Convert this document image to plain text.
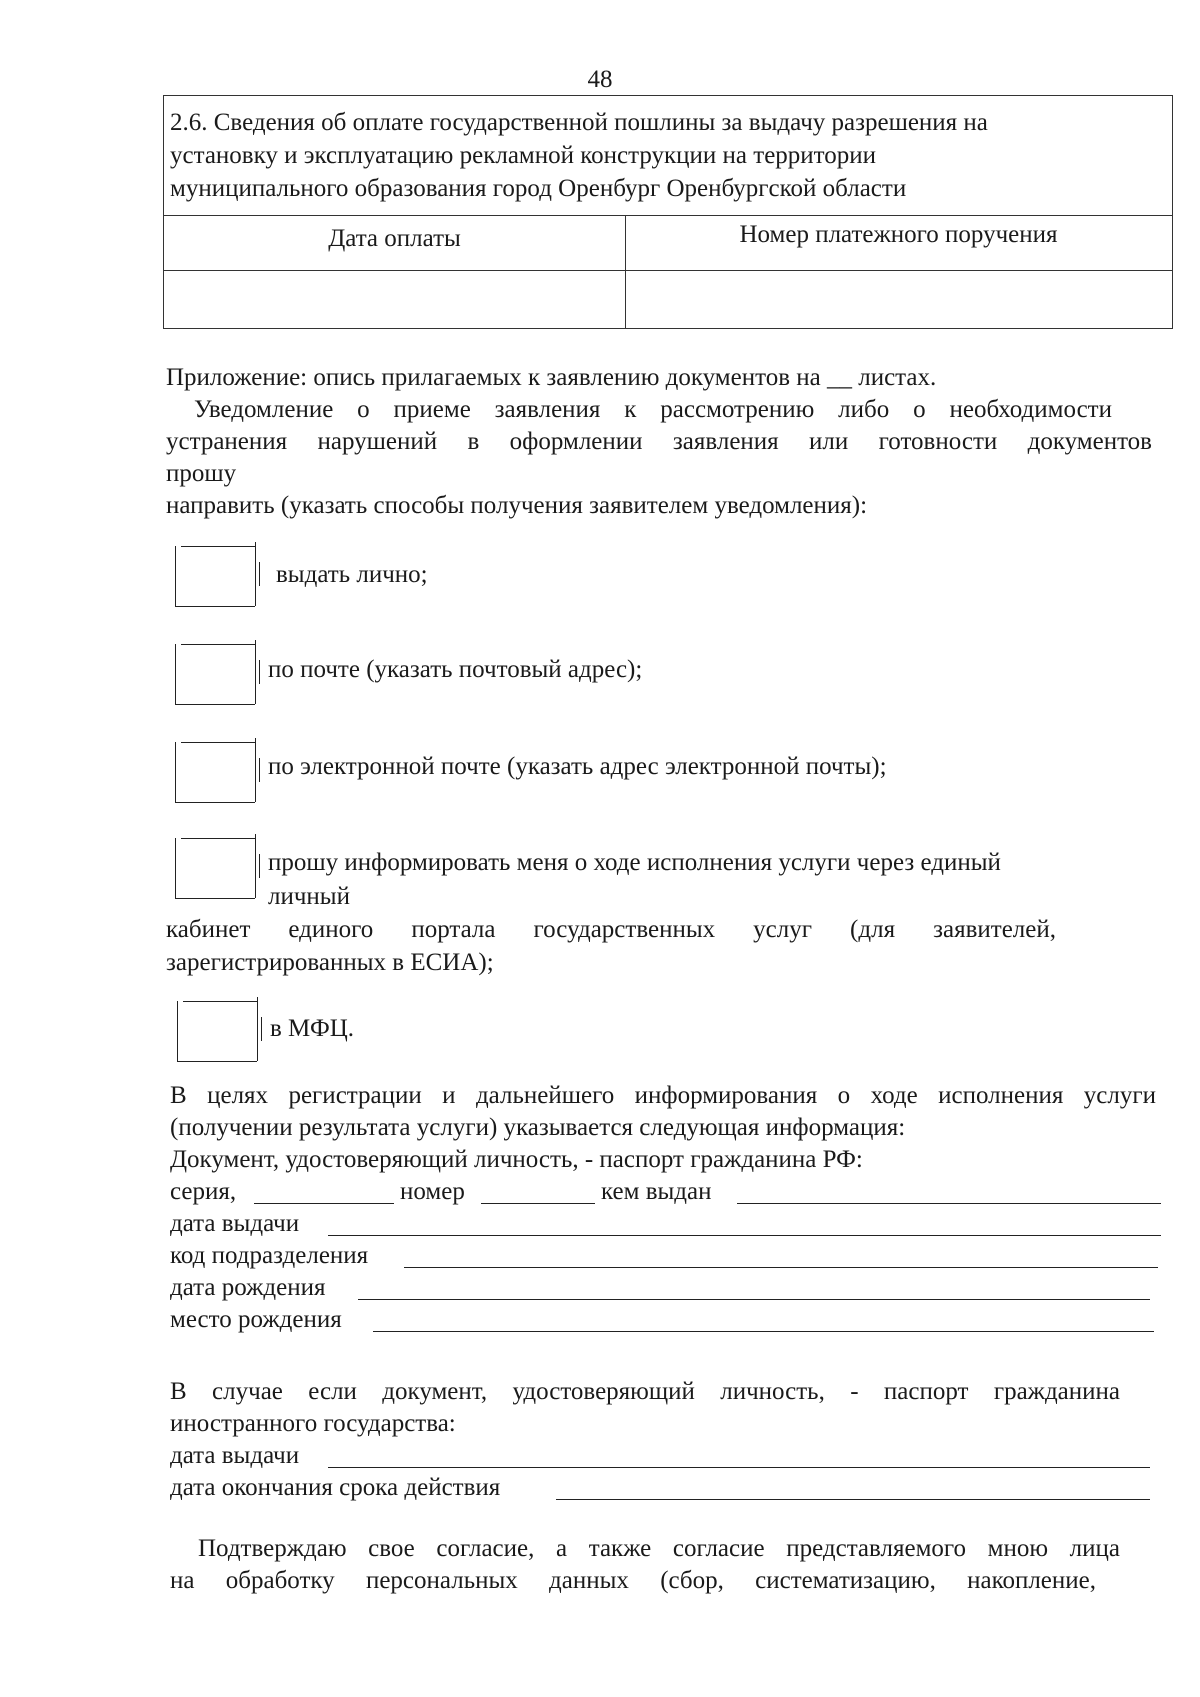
48
2.6. Сведения об оплате государственной пошлины за выдачу разрешения на
установку и эксплуатацию рекламной конструкции на территории
муниципального образования город Оренбург Оренбургской области
Дата оплаты	Номер платежного поручения
Приложение: опись прилагаемых к заявлению документов на __ листах.
Уведомление о приеме заявления к рассмотрению либо о необходимости
устранения нарушений в оформлении заявления или готовности документов
прошу
направить (указать способы получения заявителем уведомления):
выдать лично;
по почте (указать почтовый адрес);
по электронной почте (указать адрес электронной почты);
прошу информировать меня о ходе исполнения услуги через единый
личный
кабинет единого портала государственных услуг (для заявителей,
зарегистрированных в ЕСИА);
в МФЦ.
В целях регистрации и дальнейшего информирования о ходе исполнения услуги
(получении результата услуги) указывается следующая информация:
Документ, удостоверяющий личность, - паспорт гражданина РФ:
серия,	номер	кем выдан
дата выдачи
код подразделения
дата рождения
место рождения
В случае если документ, удостоверяющий личность, - паспорт гражданина
иностранного государства:
дата выдачи
дата окончания срока действия
Подтверждаю свое согласие, а также согласие представляемого мною лица
на обработку персональных данных (сбор, систематизацию, накопление,
